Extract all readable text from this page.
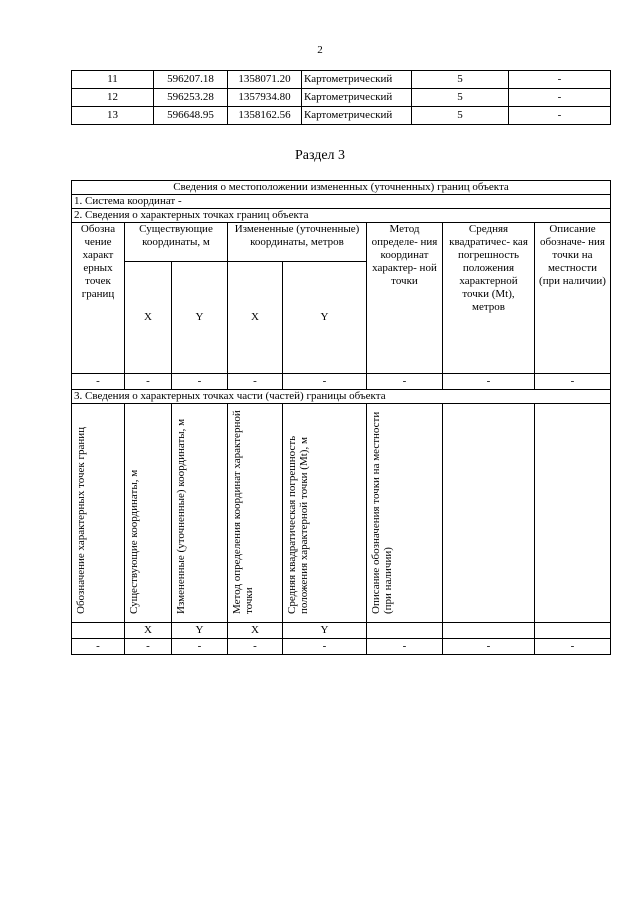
2
11	596207.18	1358071.20	Картометрический	5	-
12	596253.28	1357934.80	Картометрический	5	-
13	596648.95	1358162.56	Картометрический	5	-
Раздел 3
Сведения о местоположении измененных (уточненных) границ объекта							
1. Система координат -							
2. Сведения о характерных точках границ объекта							
Обозна чение характ ерных точек границ	Существующие координаты, м		Измененные (уточненные) координаты, метров		Метод определе- ния координат характер- ной точки	Средняя квадратичес- кая погрешность положения характерной точки (Mt), метров	Описание обозначе- ния точки на местности (при наличии)
	X	Y	X	Y			
-	-	-	-	-	-	-	-
3. Сведения о характерных точках части (частей) границы объекта							
Обозначение характерных точек границ	Существующие координаты, м	Измененные (уточненные) координаты, м	Метод определения координат характерной точки	Средняя квадратическая погрешность положения характерной точки (Mt), м	Описание обозначения точки на местности (при наличии)		
	X	Y	X	Y			
-	-	-	-	-	-	-	-
